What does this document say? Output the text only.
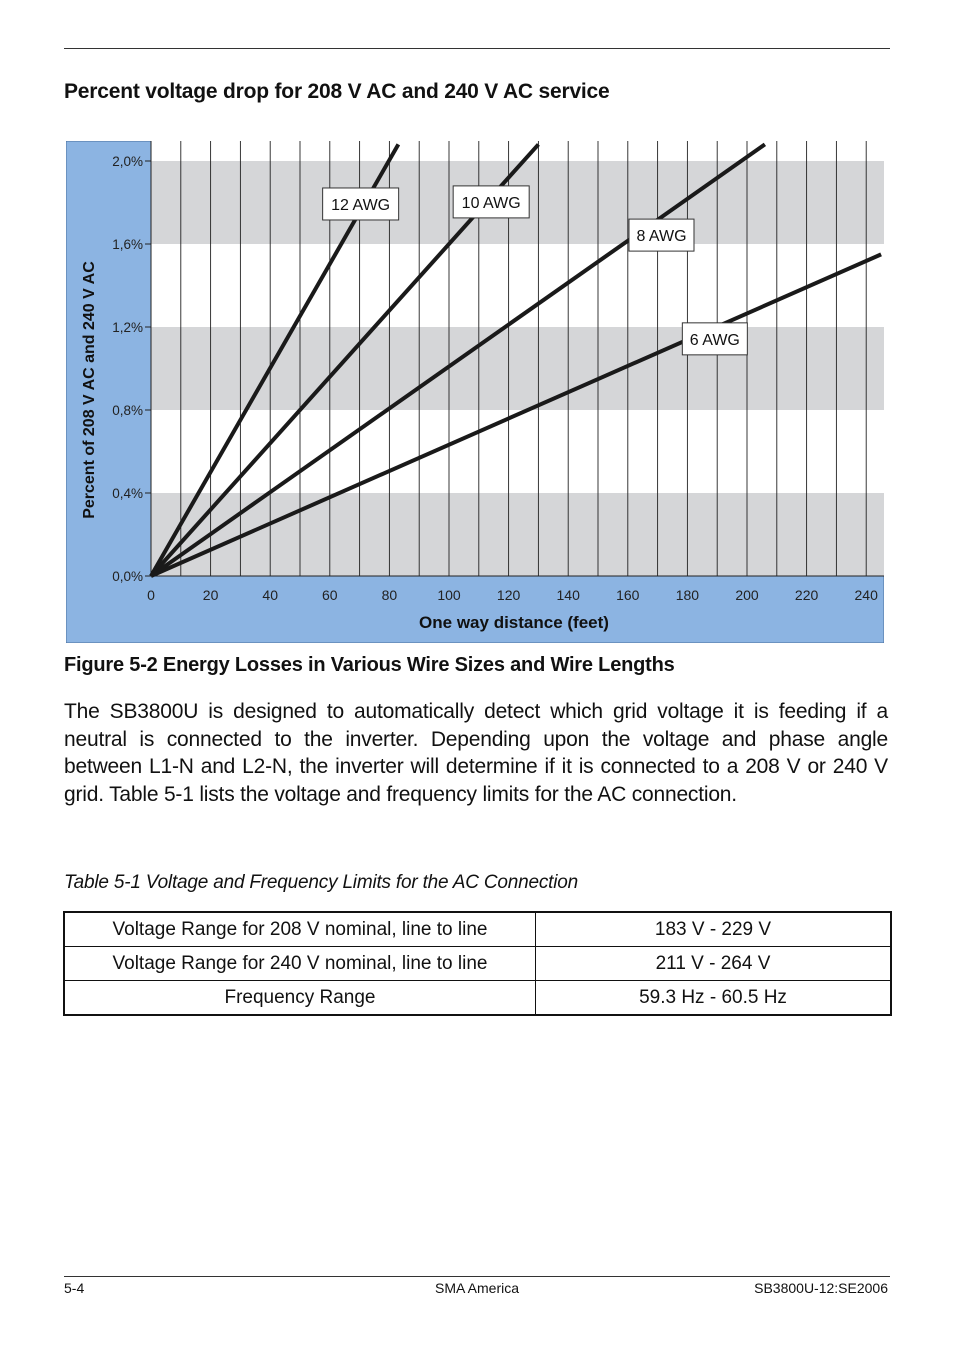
Percent voltage drop for 208 V AC and 240 V AC service
0,0%
0,4%
0,8%
1,2%
1,6%
2,0%
0	20	40	60	80	100	120	140	160	180	200	220	240
12 AWG	10 AWG
8 AWG
6 AWG
Percent of 208 V AC and 240 V AC
One way distance (feet)
Figure 5-2 Energy Losses in Various Wire Sizes and Wire Lengths

The SB3800U is designed to automatically detect which grid voltage it is feeding if a neutral is connected to the inverter. Depending upon the voltage and phase angle between L1-N and L2-N, the inverter will determine if it is connected to a 208 V or 240 V grid. Table 5-1 lists the voltage and frequency limits for the AC connection.

Table 5-1 Voltage and Frequency Limits for the AC Connection
Voltage Range for 208 V nominal, line to line	183 V - 229 V
Voltage Range for 240 V nominal, line to line	211 V - 264 V
Frequency Range	59.3 Hz - 60.5 Hz
5-4	SMA America	SB3800U-12:SE2006
